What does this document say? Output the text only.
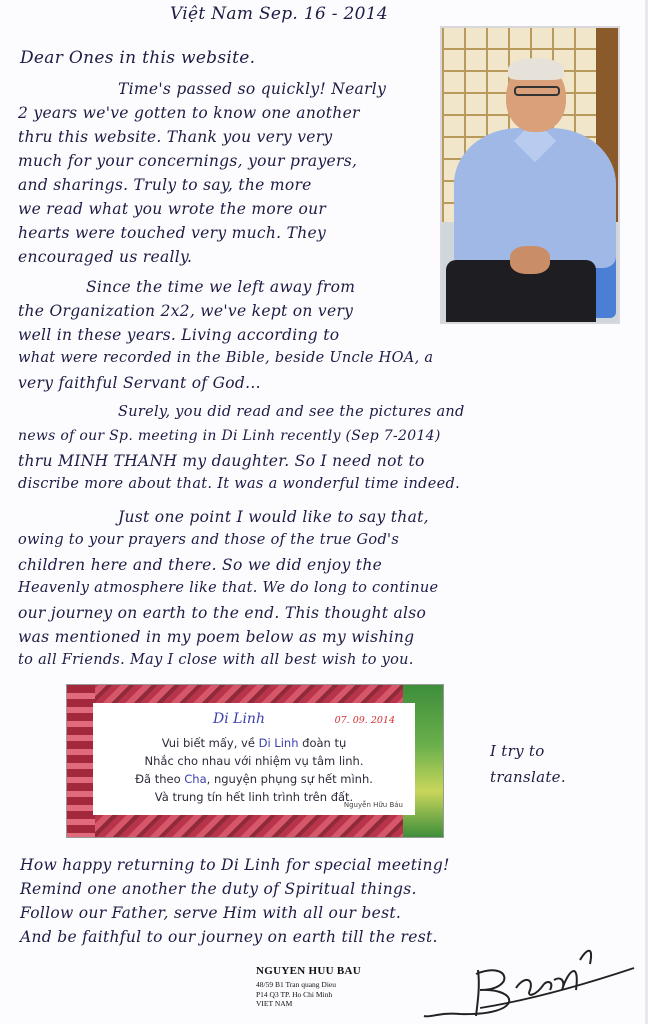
Việt Nam Sep. 16 - 2014
Dear Ones in this website.
Time's passed so quickly! Nearly
2 years we've gotten to know one another
thru this website. Thank you very very
much for your concernings, your prayers,
and sharings. Truly to say, the more
we read what you wrote the more our
hearts were touched very much. They
encouraged us really.
Since the time we left away from
the Organization 2x2, we've kept on very
well in these years. Living according to
what were recorded in the Bible, beside Uncle HOA, a
very faithful Servant of God...
Surely, you did read and see the pictures and
news of our Sp. meeting in Di Linh recently (Sep 7-2014)
thru MINH THANH my daughter. So I need not to
discribe more about that. It was a wonderful time indeed.
Just one point I would like to say that,
owing to your prayers and those of the true God's
children here and there. So we did enjoy the
Heavenly atmosphere like that. We do long to continue
our journey on earth to the end. This thought also
was mentioned in my poem below as my wishing
to all Friends. May I close with all best wish to you.
Di Linh	07. 09. 2014
Vui biết mấy, về Di Linh đoàn tụ
Nhắc cho nhau với nhiệm vụ tâm linh.
Đã theo Cha, nguyện phụng sự hết mình.
Và trung tín hết linh trình trên đất.
Nguyễn Hữu Báu
I try to translate.
How happy returning to Di Linh for special meeting!
Remind one another the duty of Spiritual things.
Follow our Father, serve Him with all our best.
And be faithful to our journey on earth till the rest.
NGUYEN HUU BAU
48/59 B1 Tran quang Dieu
P14 Q3 TP. Ho Chi Minh
VIET NAM
